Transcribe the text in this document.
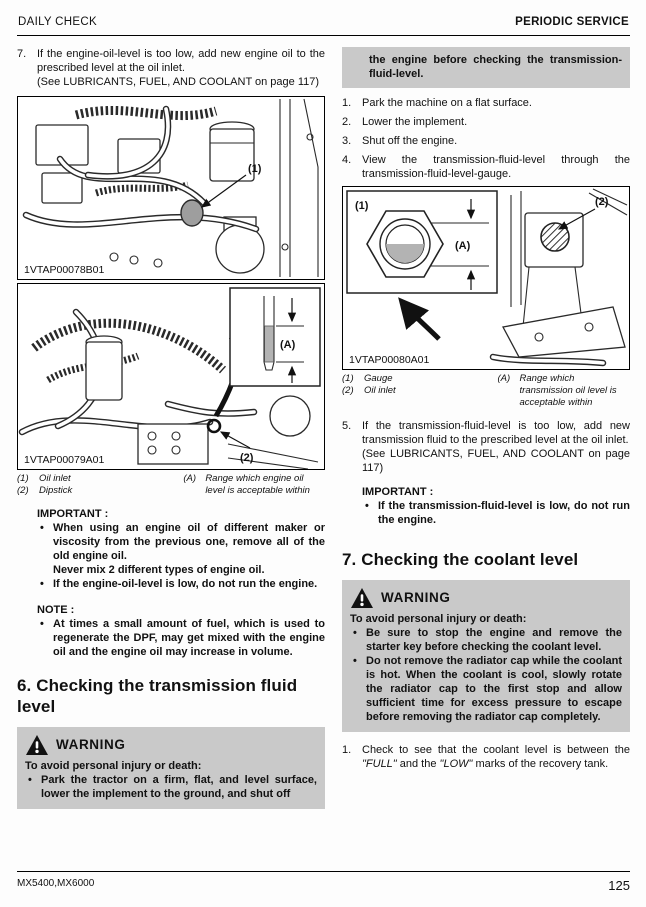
DAILY CHECK	PERIODIC SERVICE
7. If the engine-oil-level is too low, add new engine oil to the prescribed level at the oil inlet.
(See LUBRICANTS, FUEL, AND COOLANT on page 117)
(1)
1VTAP00078B01
(A)
(2)
1VTAP00079A01
(1)	Oil inlet
(2)	Dipstick
(A) Range which engine oil level is acceptable within
IMPORTANT :
• When using an engine oil of different maker or viscosity from the previous one, remove all of the old engine oil.
Never mix 2 different types of engine oil.
• If the engine-oil-level is low, do not run the engine.
NOTE :
• At times a small amount of fuel, which is used to regenerate the DPF, may get mixed with the engine oil and the engine oil may increase in volume.
6. Checking the transmission fluid level
WARNING
To avoid personal injury or death:
• Park the tractor on a firm, flat, and level surface, lower the implement to the ground, and shut off
the engine before checking the transmission-fluid-level.
1. Park the machine on a flat surface.
2. Lower the implement.
3. Shut off the engine.
4. View the transmission-fluid-level through the transmission-fluid-level-gauge.
(2)
(1)
(A)
1VTAP00080A01
(1)	Gauge
(2)	Oil inlet
(A) Range which transmission oil level is acceptable within
5. If the transmission-fluid-level is too low, add new transmission fluid to the prescribed level at the oil inlet.
(See LUBRICANTS, FUEL, AND COOLANT on page 117)
IMPORTANT :
• If the transmission-fluid-level is low, do not run the engine.
7. Checking the coolant level
WARNING
To avoid personal injury or death:
• Be sure to stop the engine and remove the starter key before checking the coolant level.
• Do not remove the radiator cap while the coolant is hot. When the coolant is cool, slowly rotate the radiator cap to the first stop and allow sufficient time for excess pressure to escape before removing the radiator cap completely.
1. Check to see that the coolant level is between the "FULL" and the "LOW" marks of the recovery tank.
MX5400,MX6000	125
